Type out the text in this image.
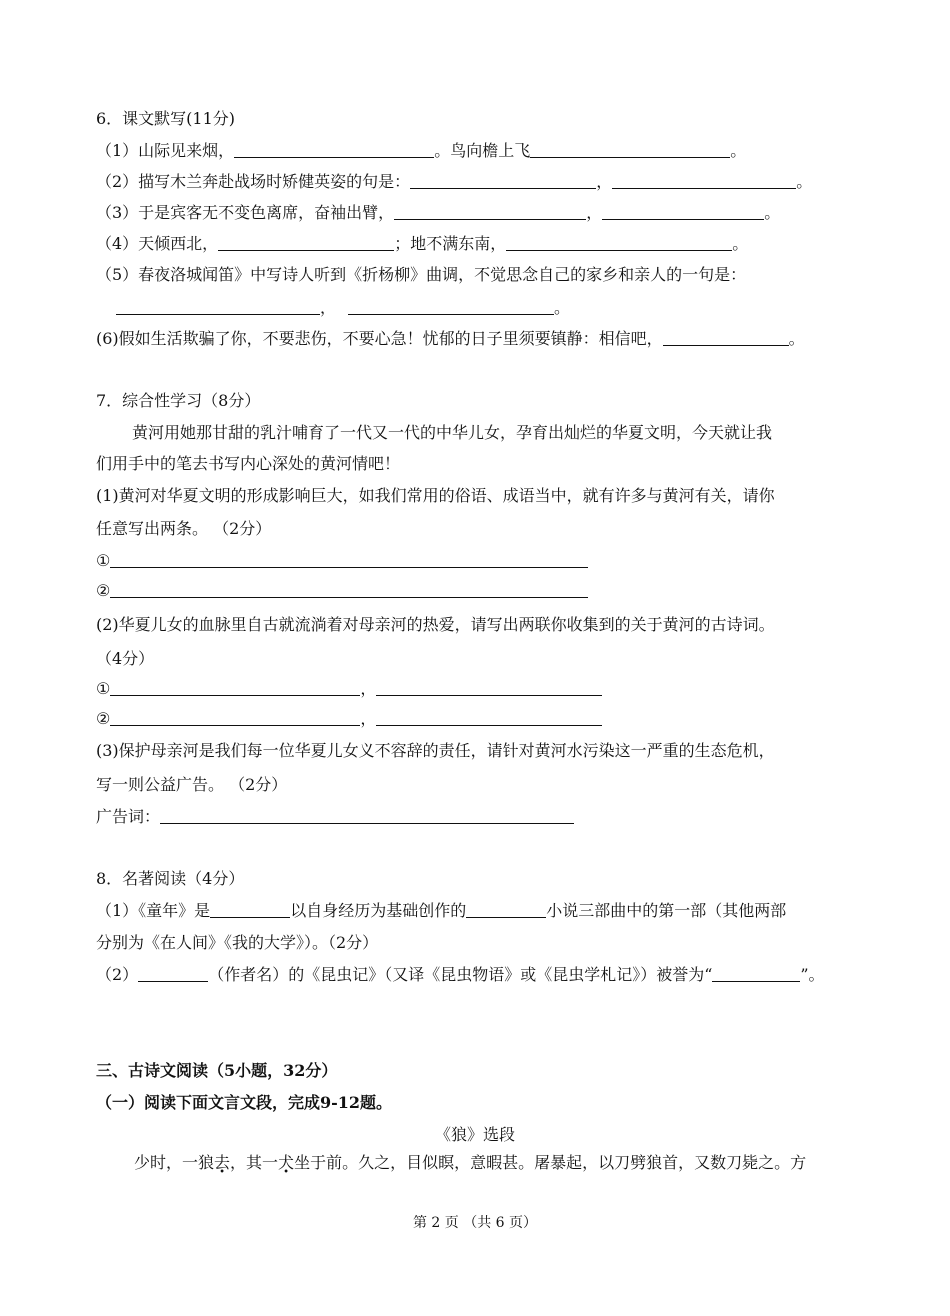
6．课文默写(11分)
（1）山际见来烟，	。鸟向檐上飞	。
（2）描写木兰奔赴战场时矫健英姿的句是：	，	。
（3）于是宾客无不变色离席，奋袖出臂，	，	。
（4）天倾西北，	；地不满东南，	。
（5）春夜洛城闻笛》中写诗人听到《折杨柳》曲调，不觉思念自己的家乡和亲人的一句是：
，	。
(6)假如生活欺骗了你，不要悲伤，不要心急！忧郁的日子里须要镇静：相信吧，	。
7．综合性学习（8分）
黄河用她那甘甜的乳汁哺育了一代又一代的中华儿女，孕育出灿烂的华夏文明，今天就让我
们用手中的笔去书写内心深处的黄河情吧！
(1)黄河对华夏文明的形成影响巨大，如我们常用的俗语、成语当中，就有许多与黄河有关，请你
任意写出两条。 （2分）
①
②
(2)华夏儿女的血脉里自古就流淌着对母亲河的热爱，请写出两联你收集到的关于黄河的古诗词。
（4分）
①	，
②	，
(3)保护母亲河是我们每一位华夏儿女义不容辞的责任，请针对黄河水污染这一严重的生态危机，
写一则公益广告。 （2分）
广告词：
8．名著阅读（4分）
（1）《童年》是	以自身经历为基础创作的	小说三部曲中的第一部（其他两部
分别为《在人间》《我的大学》）。（2分）
（2）	（作者名）的《昆虫记》（又译《昆虫物语》或《昆虫学札记》）被誉为“	”。
三、古诗文阅读（5小题，32分）
（一）阅读下面文言文段，完成9-12题。
《狼》选段
少时，一狼去，其一犬坐于前。久之，目似瞑，意暇甚。屠暴起，以刀劈狼首，又数刀毙之。方
第 2 页 （共 6 页）
